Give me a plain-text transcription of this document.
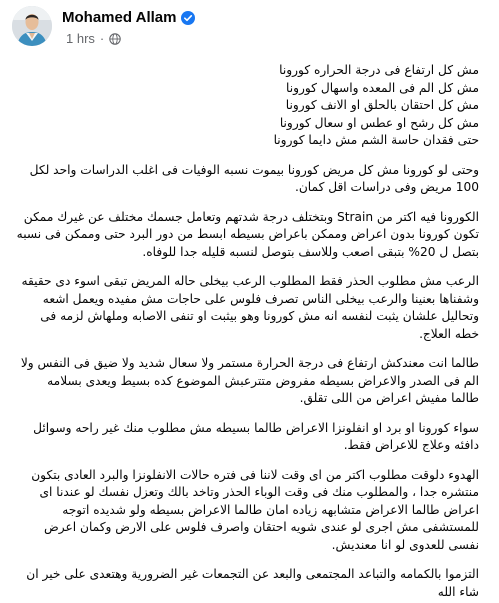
Mohamed Allam
1 hrs ·
مش كل ارتفاع فى درجة الحراره كورونا
مش كل الم فى المعده واسهال كورونا
مش كل احتقان بالحلق او الانف كورونا
مش كل رشح او عطس او سعال كورونا
حتى فقدان حاسة الشم مش دايما كورونا
وحتى لو كورونا مش كل مريض كورونا بيموت نسبه الوفيات فى اغلب الدراسات واحد لكل 100 مريض وفى دراسات اقل كمان.
الكورونا فيه اكتر من Strain وبتختلف درجة شدتهم وتعامل جسمك مختلف عن غيرك ممكن تكون كورونا بدون اعراض وممكن باعراض بسيطه ابسط من دور البرد حتى وممكن فى نسبه بتصل ل 20% بتبقى اصعب وللاسف بتوصل لنسبه قليله جدا للوفاه.
الرعب مش مطلوب الحذر فقط المطلوب الرعب بيخلى حاله المريض تبقى اسوء دى حقيقه وشفناها بعنينا والرعب بيخلى الناس تصرف فلوس على حاجات مش مفيده ويعمل اشعه وتحاليل علشان يثبت لنفسه انه مش كورونا وهو بيثبت او تنفى الاصابه وملهاش لزمه فى خطه العلاج.
طالما انت معندكش ارتفاع فى درجة الحرارة مستمر ولا سعال شديد ولا ضيق فى النفس ولا الم فى الصدر والاعراض بسيطه مفروض متترعبش الموضوع كده بسيط ويعدى بسلامه طالما مفيش اعراض من اللى تقلق.
سواء كورونا او برد او انفلونزا الاعراض طالما بسيطه مش مطلوب منك غير راحه وسوائل دافئه وعلاج للاعراض فقط.
الهدوء دلوقت مطلوب اكتر من اى وقت لاننا فى فتره حالات الانفلونزا والبرد العادى بتكون منتشره جدا ، والمطلوب منك فى وقت الوباء الحذر وتاخد بالك وتعزل نفسك لو عندنا اى اعراض طالما الاعراض متشابهه زياده امان طالما الاعراض بسيطه ولو شديده اتوجه للمستشفى مش اجرى لو عندى شويه احتقان واصرف فلوس على الارض وكمان اعرض نفسى للعدوى لو انا معنديش.
التزموا بالكمامه والتباعد المجتمعى والبعد عن التجمعات غير الضرورية وهتعدى على خير ان شاء الله
